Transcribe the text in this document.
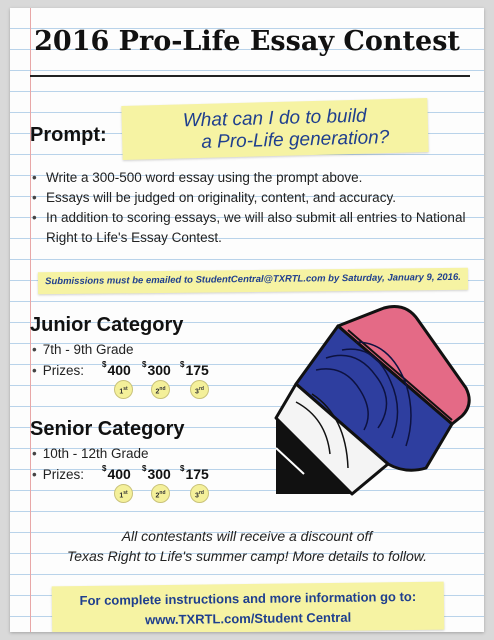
2016 Pro-Life Essay Contest
Prompt:
What can I do to build
a Pro-Life generation?
• Write a 300-500 word essay using the prompt above.
• Essays will be judged on originality, content, and accuracy.
• In addition to scoring essays, we will also submit all entries to National Right to Life's Essay Contest.
Submissions must be emailed to StudentCentral@TXRTL.com by Saturday, January 9, 2016.
Junior Category
• 7th - 9th Grade
• Prizes: $400 $300 $175
1st	2nd	3rd
Senior Category
• 10th - 12th Grade
• Prizes: $400 $300 $175
1st	2nd	3rd
All contestants will receive a discount off
Texas Right to Life's summer camp! More details to follow.
For complete instructions and more information go to:
www.TXRTL.com/Student Central
